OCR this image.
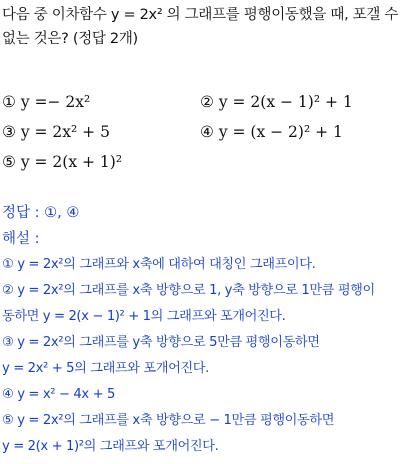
다음 중 이차함수 y = 2x² 의 그래프를 평행이동했을 때, 포갤 수
없는 것은? (정답 2개)
① y =− 2x²	② y = 2(x − 1)² + 1
③ y = 2x² + 5	④ y = (x − 2)² + 1
⑤ y = 2(x + 1)²
정답 : ①, ④
해설 :
① y = 2x²의 그래프와 x축에 대하여 대칭인 그래프이다.
② y = 2x²의 그래프를 x축 방향으로 1, y축 방향으로 1만큼 평행이
동하면 y = 2(x − 1)² + 1의 그래프와 포개어진다.
③ y = 2x²의 그래프를 y축 방향으로 5만큼 평행이동하면
y = 2x² + 5의 그래프와 포개어진다.
④ y = x² − 4x + 5
⑤ y = 2x²의 그래프를 x축 방향으로 − 1만큼 평행이동하면
y = 2(x + 1)²의 그래프와 포개어진다.
